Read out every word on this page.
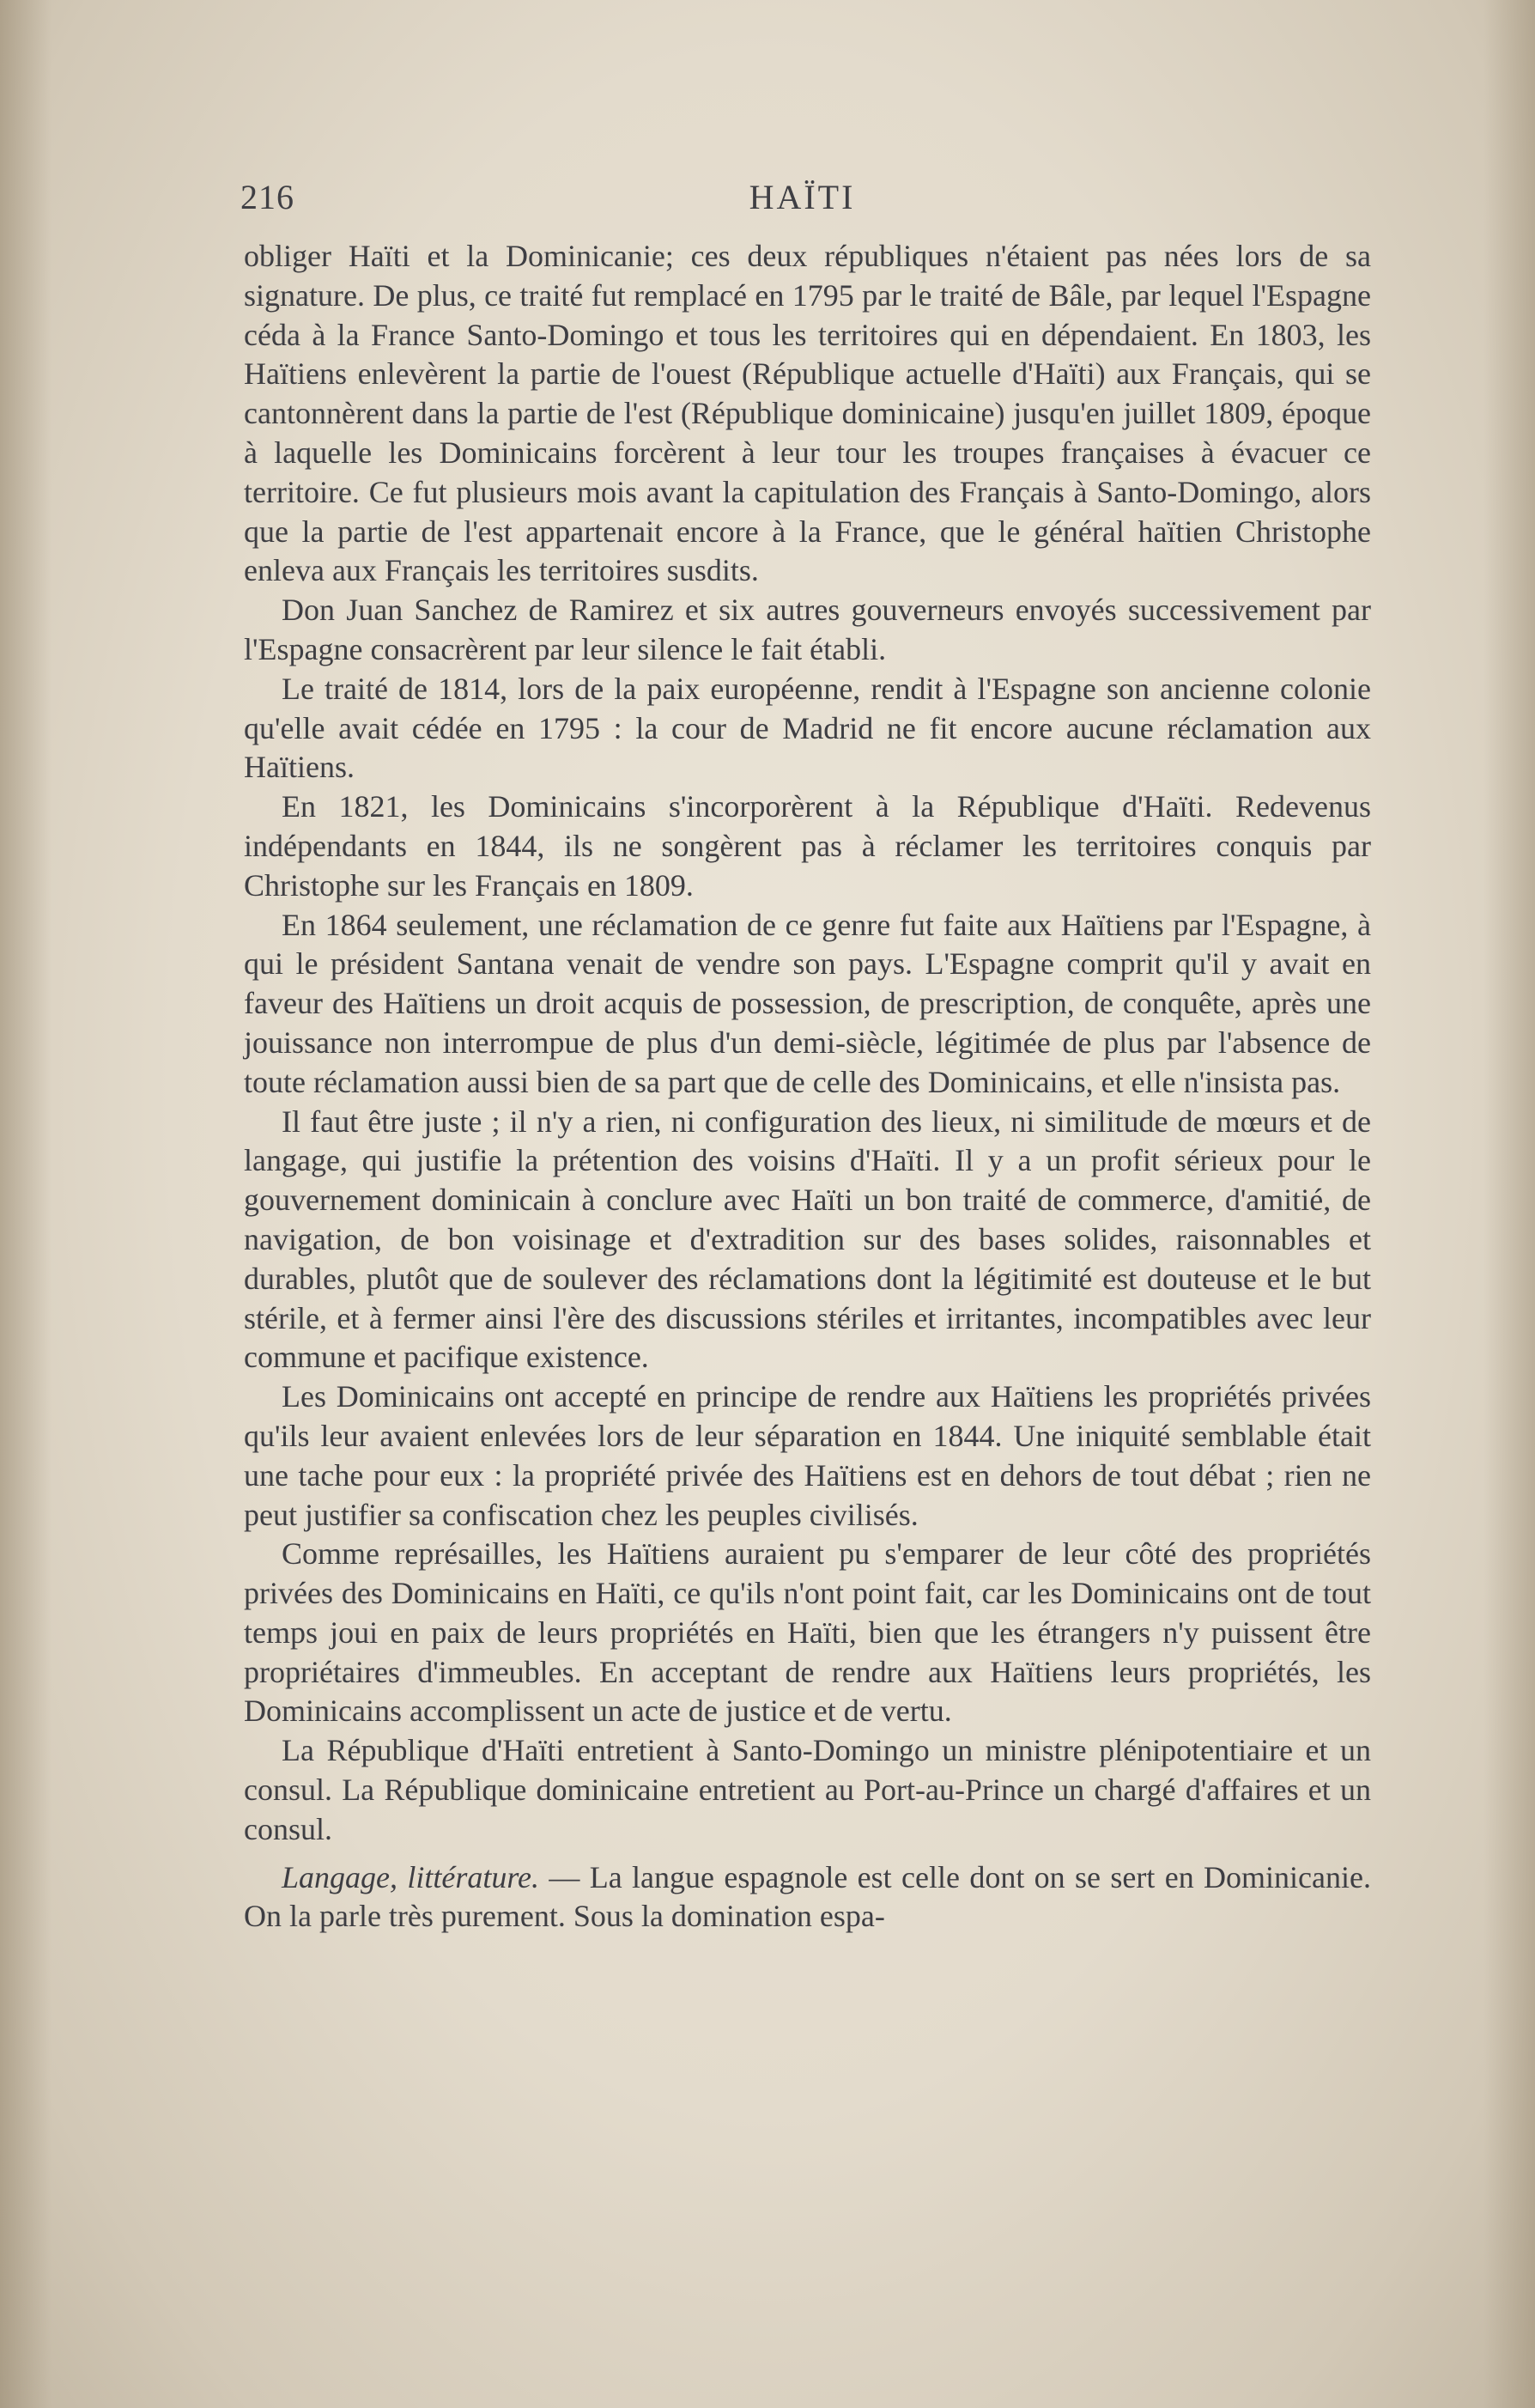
216	HAÏTI

obliger Haïti et la Dominicanie; ces deux républiques n'étaient pas nées lors de sa signature. De plus, ce traité fut remplacé en 1795 par le traité de Bâle, par lequel l'Espagne céda à la France Santo-Domingo et tous les territoires qui en dépendaient. En 1803, les Haïtiens enlevèrent la partie de l'ouest (République actuelle d'Haïti) aux Français, qui se cantonnèrent dans la partie de l'est (République dominicaine) jusqu'en juillet 1809, époque à laquelle les Dominicains forcèrent à leur tour les troupes françaises à évacuer ce territoire. Ce fut plusieurs mois avant la capitulation des Français à Santo-Domingo, alors que la partie de l'est appartenait encore à la France, que le général haïtien Christophe enleva aux Français les territoires susdits.

Don Juan Sanchez de Ramirez et six autres gouverneurs envoyés successivement par l'Espagne consacrèrent par leur silence le fait établi.

Le traité de 1814, lors de la paix européenne, rendit à l'Espagne son ancienne colonie qu'elle avait cédée en 1795 : la cour de Madrid ne fit encore aucune réclamation aux Haïtiens.

En 1821, les Dominicains s'incorporèrent à la République d'Haïti. Redevenus indépendants en 1844, ils ne songèrent pas à réclamer les territoires conquis par Christophe sur les Français en 1809.

En 1864 seulement, une réclamation de ce genre fut faite aux Haïtiens par l'Espagne, à qui le président Santana venait de vendre son pays. L'Espagne comprit qu'il y avait en faveur des Haïtiens un droit acquis de possession, de prescription, de conquête, après une jouissance non interrompue de plus d'un demi-siècle, légitimée de plus par l'absence de toute réclamation aussi bien de sa part que de celle des Dominicains, et elle n'insista pas.

Il faut être juste ; il n'y a rien, ni configuration des lieux, ni similitude de mœurs et de langage, qui justifie la prétention des voisins d'Haïti. Il y a un profit sérieux pour le gouvernement dominicain à conclure avec Haïti un bon traité de commerce, d'amitié, de navigation, de bon voisinage et d'extradition sur des bases solides, raisonnables et durables, plutôt que de soulever des réclamations dont la légitimité est douteuse et le but stérile, et à fermer ainsi l'ère des discussions stériles et irritantes, incompatibles avec leur commune et pacifique existence.

Les Dominicains ont accepté en principe de rendre aux Haïtiens les propriétés privées qu'ils leur avaient enlevées lors de leur séparation en 1844. Une iniquité semblable était une tache pour eux : la propriété privée des Haïtiens est en dehors de tout débat ; rien ne peut justifier sa confiscation chez les peuples civilisés.

Comme représailles, les Haïtiens auraient pu s'emparer de leur côté des propriétés privées des Dominicains en Haïti, ce qu'ils n'ont point fait, car les Dominicains ont de tout temps joui en paix de leurs propriétés en Haïti, bien que les étrangers n'y puissent être propriétaires d'immeubles. En acceptant de rendre aux Haïtiens leurs propriétés, les Dominicains accomplissent un acte de justice et de vertu.

La République d'Haïti entretient à Santo-Domingo un ministre plénipotentiaire et un consul. La République dominicaine entretient au Port-au-Prince un chargé d'affaires et un consul.

Langage, littérature. — La langue espagnole est celle dont on se sert en Dominicanie. On la parle très purement. Sous la domination espa-
